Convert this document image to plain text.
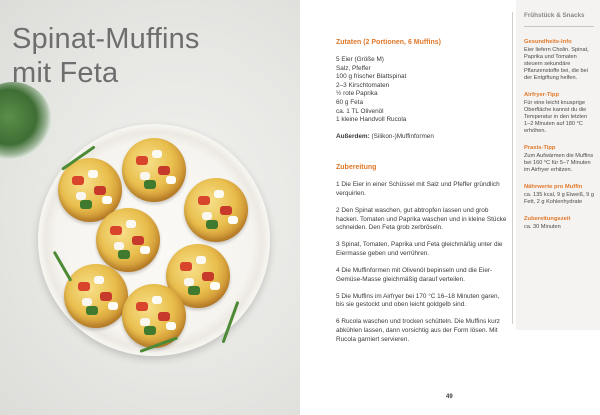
Spinat-Muffins
mit Feta
Zutaten (2 Portionen, 6 Muffins)
5 Eier (Größe M)
Salz, Pfeffer
100 g frischer Blattspinat
2–3 Kirschtomaten
½ rote Paprika
60 g Feta
ca. 1 TL Olivenöl
1 kleine Handvoll Rucola
Außerdem: (Silikon-)Muffinformen
Zubereitung

1 Die Eier in einer Schüssel mit Salz und Pfeffer gründlich verquirlen.

2 Den Spinat waschen, gut abtropfen lassen und grob hacken. Tomaten und Paprika waschen und in kleine Stücke schneiden. Den Feta grob zerbröseln.

3 Spinat, Tomaten, Paprika und Feta gleichmäßig unter die Eiermasse geben und verrühren.

4 Die Muffinformen mit Olivenöl bepinseln und die Eier-Gemüse-Masse gleichmäßig darauf verteilen.

5 Die Muffins im Airfryer bei 170 °C 16–18 Minuten garen, bis sie gestockt und oben leicht goldgelb sind.

6 Rucola waschen und trocken schütteln. Die Muffins kurz abkühlen lassen, dann vorsichtig aus der Form lösen. Mit Rucola garniert servieren.

Frühstück & Snacks
Gesundheits-Info
Eier liefern Cholin. Spinat, Paprika und Tomaten steuern sekundäre Pflanzenstoffe bei, die bei der Entgiftung helfen.
Airfryer-Tipp
Für eine leicht knusprige Oberfläche kannst du die Temperatur in den letzten 1–2 Minuten auf 180 °C erhöhen.
Praxis-Tipp
Zum Aufwärmen die Muffins bei 160 °C für 5–7 Minuten im Airfryer erhitzen.
Nährwerte pro Muffin
ca. 135 kcal, 9 g Eiweiß, 9 g Fett, 2 g Kohlenhydrate
Zubereitungszeit
ca. 30 Minuten
49
